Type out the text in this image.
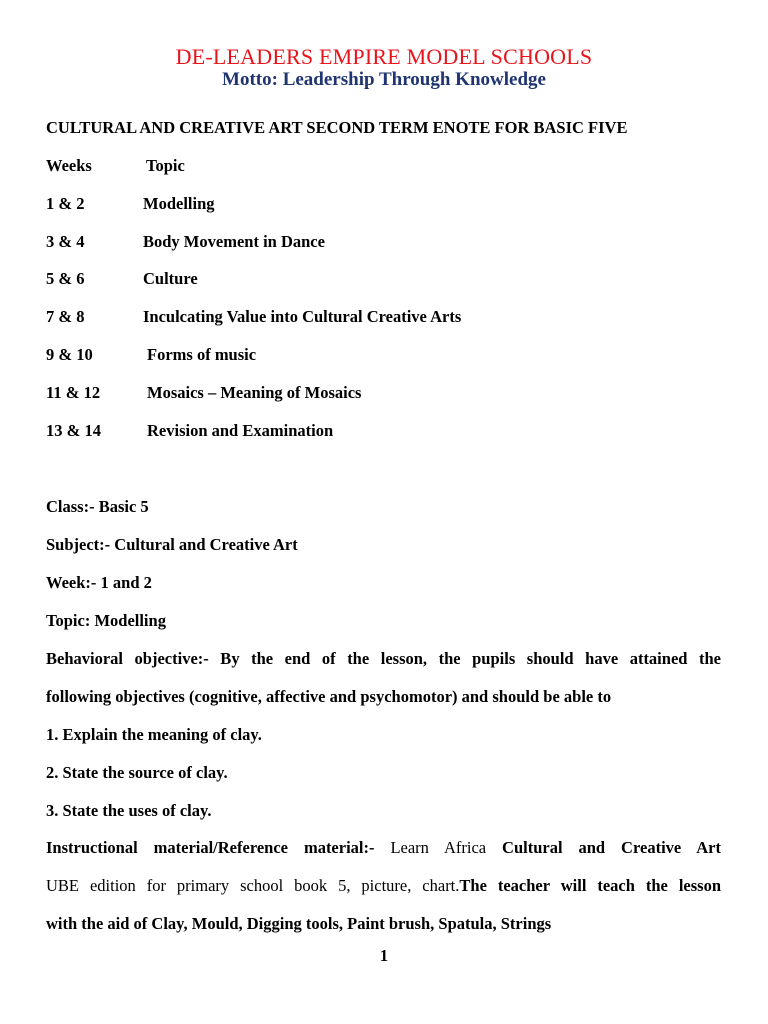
DE-LEADERS EMPIRE MODEL SCHOOLS
Motto: Leadership Through Knowledge
CULTURAL AND CREATIVE ART SECOND TERM ENOTE FOR BASIC FIVE
Weeks	Topic
1 & 2	Modelling
3 & 4	Body Movement in Dance
5 & 6	Culture
7 & 8	Inculcating Value into Cultural Creative Arts
9 & 10	Forms of music
11 & 12	Mosaics – Meaning of Mosaics
13 & 14	Revision and Examination
Class:- Basic 5
Subject:- Cultural and Creative Art
Week:- 1 and 2
Topic: Modelling
Behavioral objective:- By the end of the lesson, the pupils should have attained the
following objectives (cognitive, affective and psychomotor) and should be able to
1. Explain the meaning of clay.
2. State the source of clay.
3. State the uses of clay.
Instructional material/Reference material:- Learn Africa Cultural and Creative Art
UBE edition for primary school book 5, picture, chart.The teacher will teach the lesson
with the aid of Clay, Mould, Digging tools, Paint brush, Spatula, Strings
1
